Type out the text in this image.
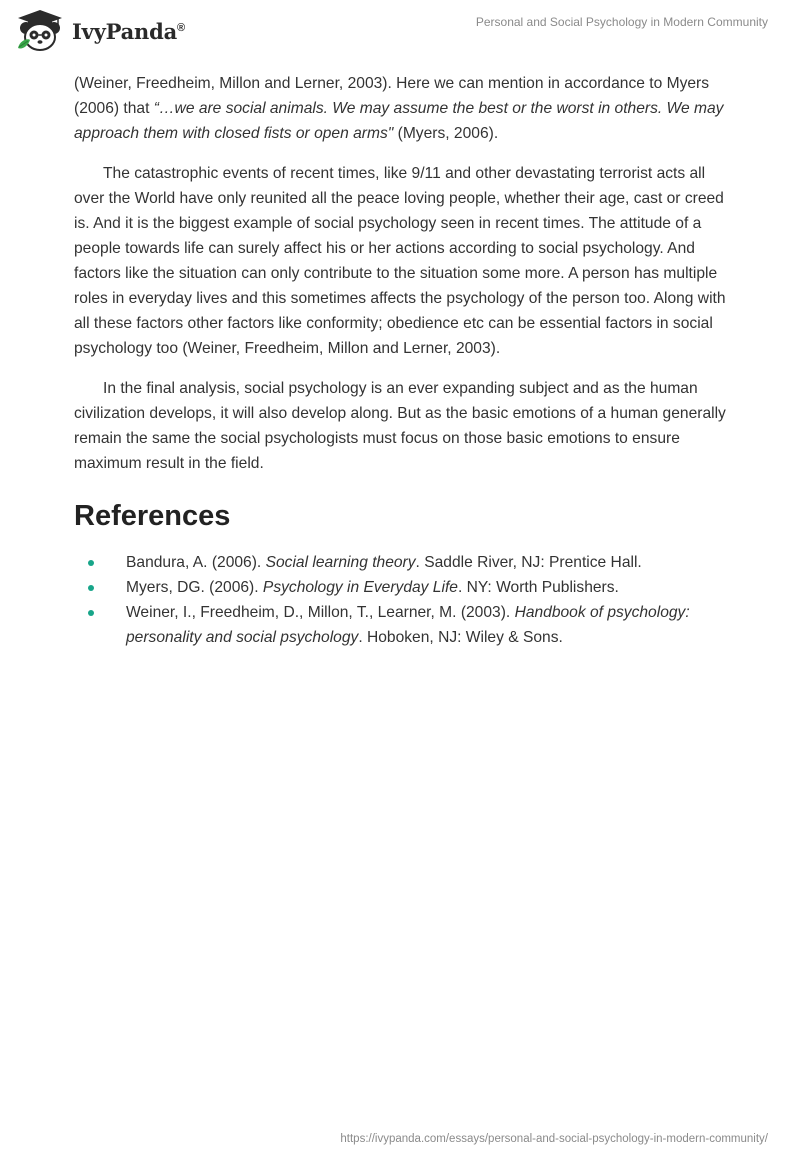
IvyPanda®	Personal and Social Psychology in Modern Community

(Weiner, Freedheim, Millon and Lerner, 2003). Here we can mention in accordance to Myers (2006) that “…we are social animals. We may assume the best or the worst in others. We may approach them with closed fists or open arms" (Myers, 2006).

The catastrophic events of recent times, like 9/11 and other devastating terrorist acts all over the World have only reunited all the peace loving people, whether their age, cast or creed is. And it is the biggest example of social psychology seen in recent times. The attitude of a people towards life can surely affect his or her actions according to social psychology. And factors like the situation can only contribute to the situation some more. A person has multiple roles in everyday lives and this sometimes affects the psychology of the person too. Along with all these factors other factors like conformity; obedience etc can be essential factors in social psychology too (Weiner, Freedheim, Millon and Lerner, 2003).

In the final analysis, social psychology is an ever expanding subject and as the human civilization develops, it will also develop along. But as the basic emotions of a human generally remain the same the social psychologists must focus on those basic emotions to ensure maximum result in the field.

References
Bandura, A. (2006). Social learning theory. Saddle River, NJ: Prentice Hall.
Myers, DG. (2006). Psychology in Everyday Life. NY: Worth Publishers.
Weiner, I., Freedheim, D., Millon, T., Learner, M. (2003). Handbook of psychology: personality and social psychology. Hoboken, NJ: Wiley & Sons.
https://ivypanda.com/essays/personal-and-social-psychology-in-modern-community/
